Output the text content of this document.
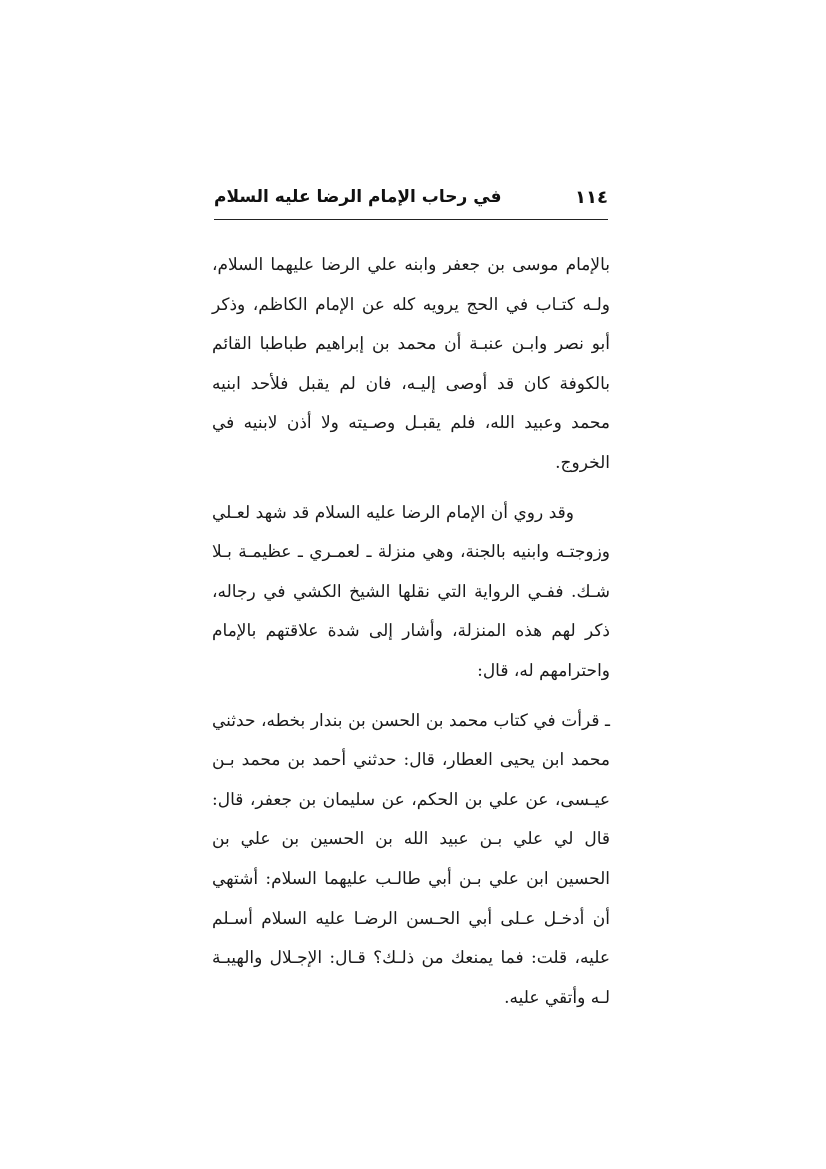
١١٤
في رحاب الإمام الرضا عليه السلام

بالإمام موسى بن جعفر وابنه علي الرضا عليهما السلام، ولـه كتـاب في الحج يرويه كله عن الإمام الكاظم، وذكر أبو نصر وابـن عنبـة أن محمد بن إبراهيم طباطبا القائم بالكوفة كان قد أوصى إليـه، فان لم يقبل فلأحد ابنيه محمد وعبيد الله، فلم يقبـل وصـيته ولا أذن لابنيه في الخروج.

وقد روي أن الإمام الرضا عليه السلام قد شهد لعـلي وزوجتـه وابنيه بالجنة، وهي منزلة ـ لعمـري ـ عظيمـة بـلا شـك. ففـي الرواية التي نقلها الشيخ الكشي في رجاله، ذكر لهم هذه المنزلة، وأشار إلى شدة علاقتهم بالإمام واحترامهم له، قال:

ـ قرأت في كتاب محمد بن الحسن بن بندار بخطه، حدثني محمد ابن يحيى العطار، قال: حدثني أحمد بن محمد بـن عيـسى، عن علي بن الحكم، عن سليمان بن جعفر، قال: قال لي علي بـن عبيد الله بن الحسين بن علي بن الحسين ابن علي بـن أبي طالـب عليهما السلام: أشتهي أن أدخـل عـلى أبي الحـسن الرضـا عليه السلام أسـلم عليه، قلت: فما يمنعك من ذلـك؟ قـال: الإجـلال والهيبـة لـه وأتقي عليه.
